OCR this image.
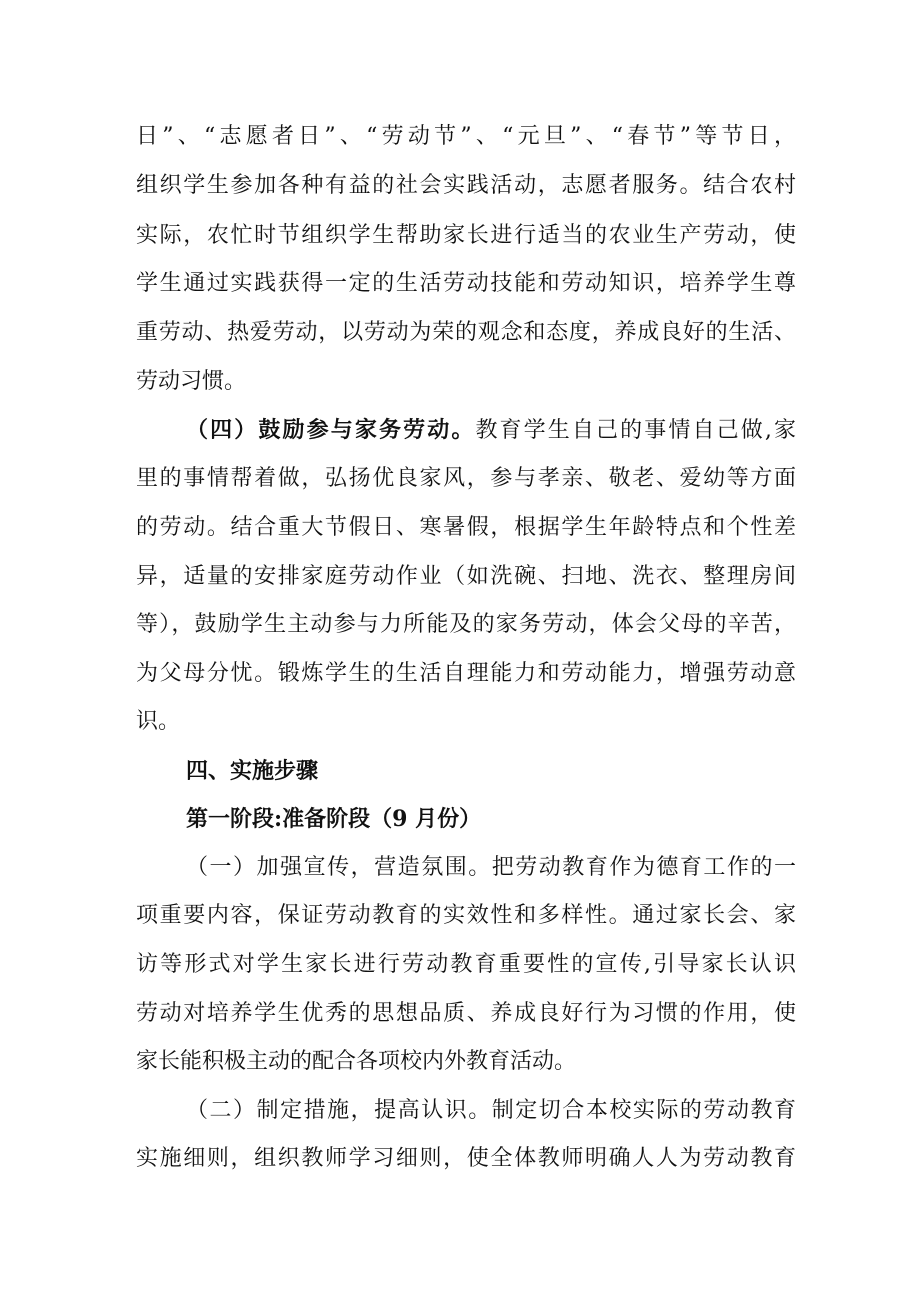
日”、“志愿者日”、“劳动节”、“元旦”、“春节”等节日，
组织学生参加各种有益的社会实践活动，志愿者服务。结合农村
实际，农忙时节组织学生帮助家长进行适当的农业生产劳动，使
学生通过实践获得一定的生活劳动技能和劳动知识，培养学生尊
重劳动、热爱劳动，以劳动为荣的观念和态度，养成良好的生活、
劳动习惯。
（四）鼓励参与家务劳动。教育学生自己的事情自己做,家
里的事情帮着做，弘扬优良家风，参与孝亲、敬老、爱幼等方面
的劳动。结合重大节假日、寒暑假，根据学生年龄特点和个性差
异，适量的安排家庭劳动作业（如洗碗、扫地、洗衣、整理房间
等），鼓励学生主动参与力所能及的家务劳动，体会父母的辛苦，
为父母分忧。锻炼学生的生活自理能力和劳动能力，增强劳动意
识。
四、实施步骤
第一阶段:准备阶段（9 月份）
（一）加强宣传，营造氛围。把劳动教育作为德育工作的一
项重要内容，保证劳动教育的实效性和多样性。通过家长会、家
访等形式对学生家长进行劳动教育重要性的宣传,引导家长认识
劳动对培养学生优秀的思想品质、养成良好行为习惯的作用，使
家长能积极主动的配合各项校内外教育活动。
（二）制定措施，提高认识。制定切合本校实际的劳动教育
实施细则，组织教师学习细则，使全体教师明确人人为劳动教育
